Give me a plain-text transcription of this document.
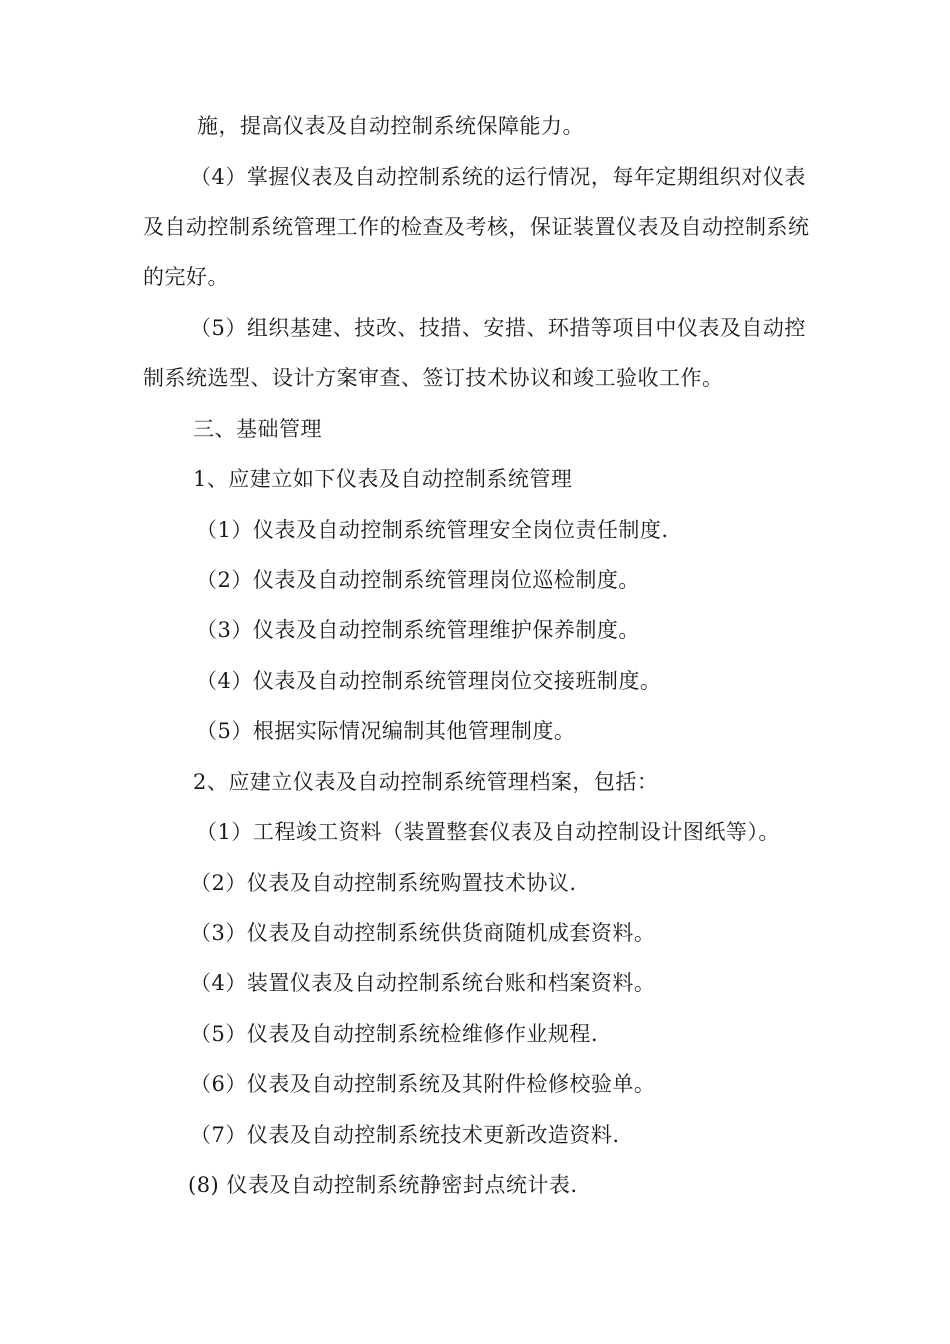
施，提高仪表及自动控制系统保障能力。
（4）掌握仪表及自动控制系统的运行情况，每年定期组织对仪表
及自动控制系统管理工作的检查及考核，保证装置仪表及自动控制系统
的完好。
（5）组织基建、技改、技措、安措、环措等项目中仪表及自动控
制系统选型、设计方案审查、签订技术协议和竣工验收工作。
三、基础管理
1、应建立如下仪表及自动控制系统管理
（1）仪表及自动控制系统管理安全岗位责任制度.
（2）仪表及自动控制系统管理岗位巡检制度。
（3）仪表及自动控制系统管理维护保养制度。
（4）仪表及自动控制系统管理岗位交接班制度。
（5）根据实际情况编制其他管理制度。
2、应建立仪表及自动控制系统管理档案，包括：
（1）工程竣工资料（装置整套仪表及自动控制设计图纸等）。
（2）仪表及自动控制系统购置技术协议.
（3）仪表及自动控制系统供货商随机成套资料。
（4）装置仪表及自动控制系统台账和档案资料。
（5）仪表及自动控制系统检维修作业规程.
（6）仪表及自动控制系统及其附件检修校验单。
（7）仪表及自动控制系统技术更新改造资料.
(8) 仪表及自动控制系统静密封点统计表.
